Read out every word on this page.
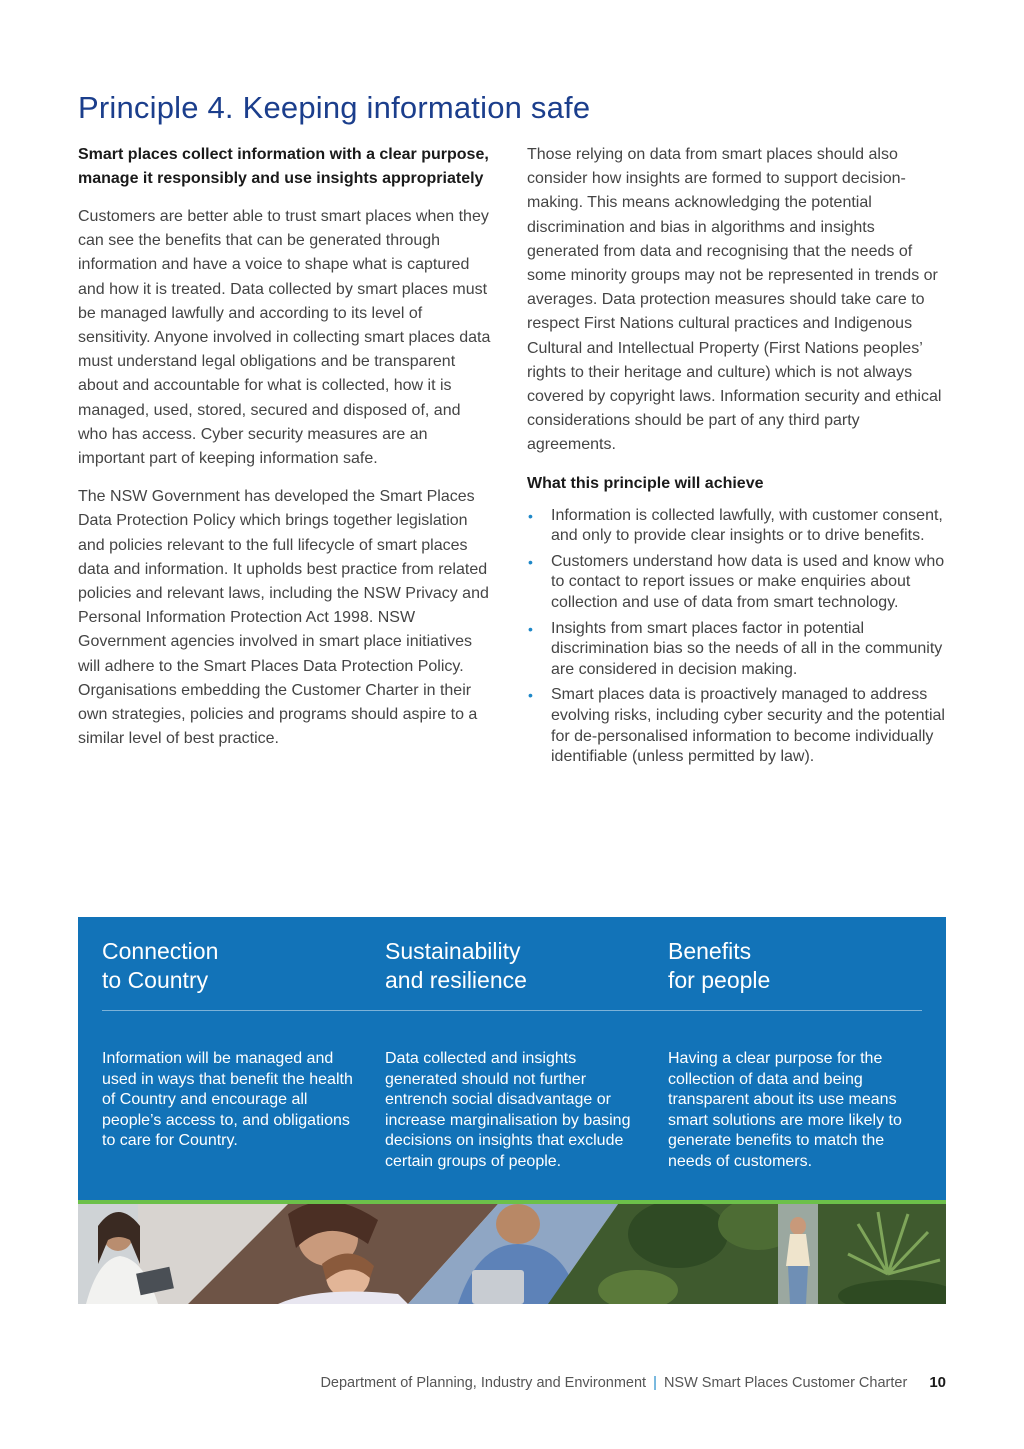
Principle 4. Keeping information safe

Smart places collect information with a clear purpose, manage it responsibly and use insights appropriately

Customers are better able to trust smart places when they can see the benefits that can be generated through information and have a voice to shape what is captured and how it is treated. Data collected by smart places must be managed lawfully and according to its level of sensitivity. Anyone involved in collecting smart places data must understand legal obligations and be transparent about and accountable for what is collected, how it is managed, used, stored, secured and disposed of, and who has access. Cyber security measures are an important part of keeping information safe.

The NSW Government has developed the Smart Places Data Protection Policy which brings together legislation and policies relevant to the full lifecycle of smart places data and information. It upholds best practice from related policies and relevant laws, including the NSW Privacy and Personal Information Protection Act 1998. NSW Government agencies involved in smart place initiatives will adhere to the Smart Places Data Protection Policy. Organisations embedding the Customer Charter in their own strategies, policies and programs should aspire to a similar level of best practice.

Those relying on data from smart places should also consider how insights are formed to support decision-making. This means acknowledging the potential discrimination and bias in algorithms and insights generated from data and recognising that the needs of some minority groups may not be represented in trends or averages. Data protection measures should take care to respect First Nations cultural practices and Indigenous Cultural and Intellectual Property (First Nations peoples’ rights to their heritage and culture) which is not always covered by copyright laws. Information security and ethical considerations should be part of any third party agreements.

What this principle will achieve

• Information is collected lawfully, with customer consent, and only to provide clear insights or to drive benefits.
• Customers understand how data is used and know who to contact to report issues or make enquiries about collection and use of data from smart technology.
• Insights from smart places factor in potential discrimination bias so the needs of all in the community are considered in decision making.
• Smart places data is proactively managed to address evolving risks, including cyber security and the potential for de-personalised information to become individually identifiable (unless permitted by law).
Connection
to Country

Information will be managed and used in ways that benefit the health of Country and encourage all people’s access to, and obligations to care for Country.

Sustainability
and resilience

Data collected and insights generated should not further entrench social disadvantage or increase marginalisation by basing decisions on insights that exclude certain groups of people.

Benefits
for people

Having a clear purpose for the collection of data and being transparent about its use means smart solutions are more likely to generate benefits to match the needs of customers.

Department of Planning, Industry and Environment | NSW Smart Places Customer Charter 10
